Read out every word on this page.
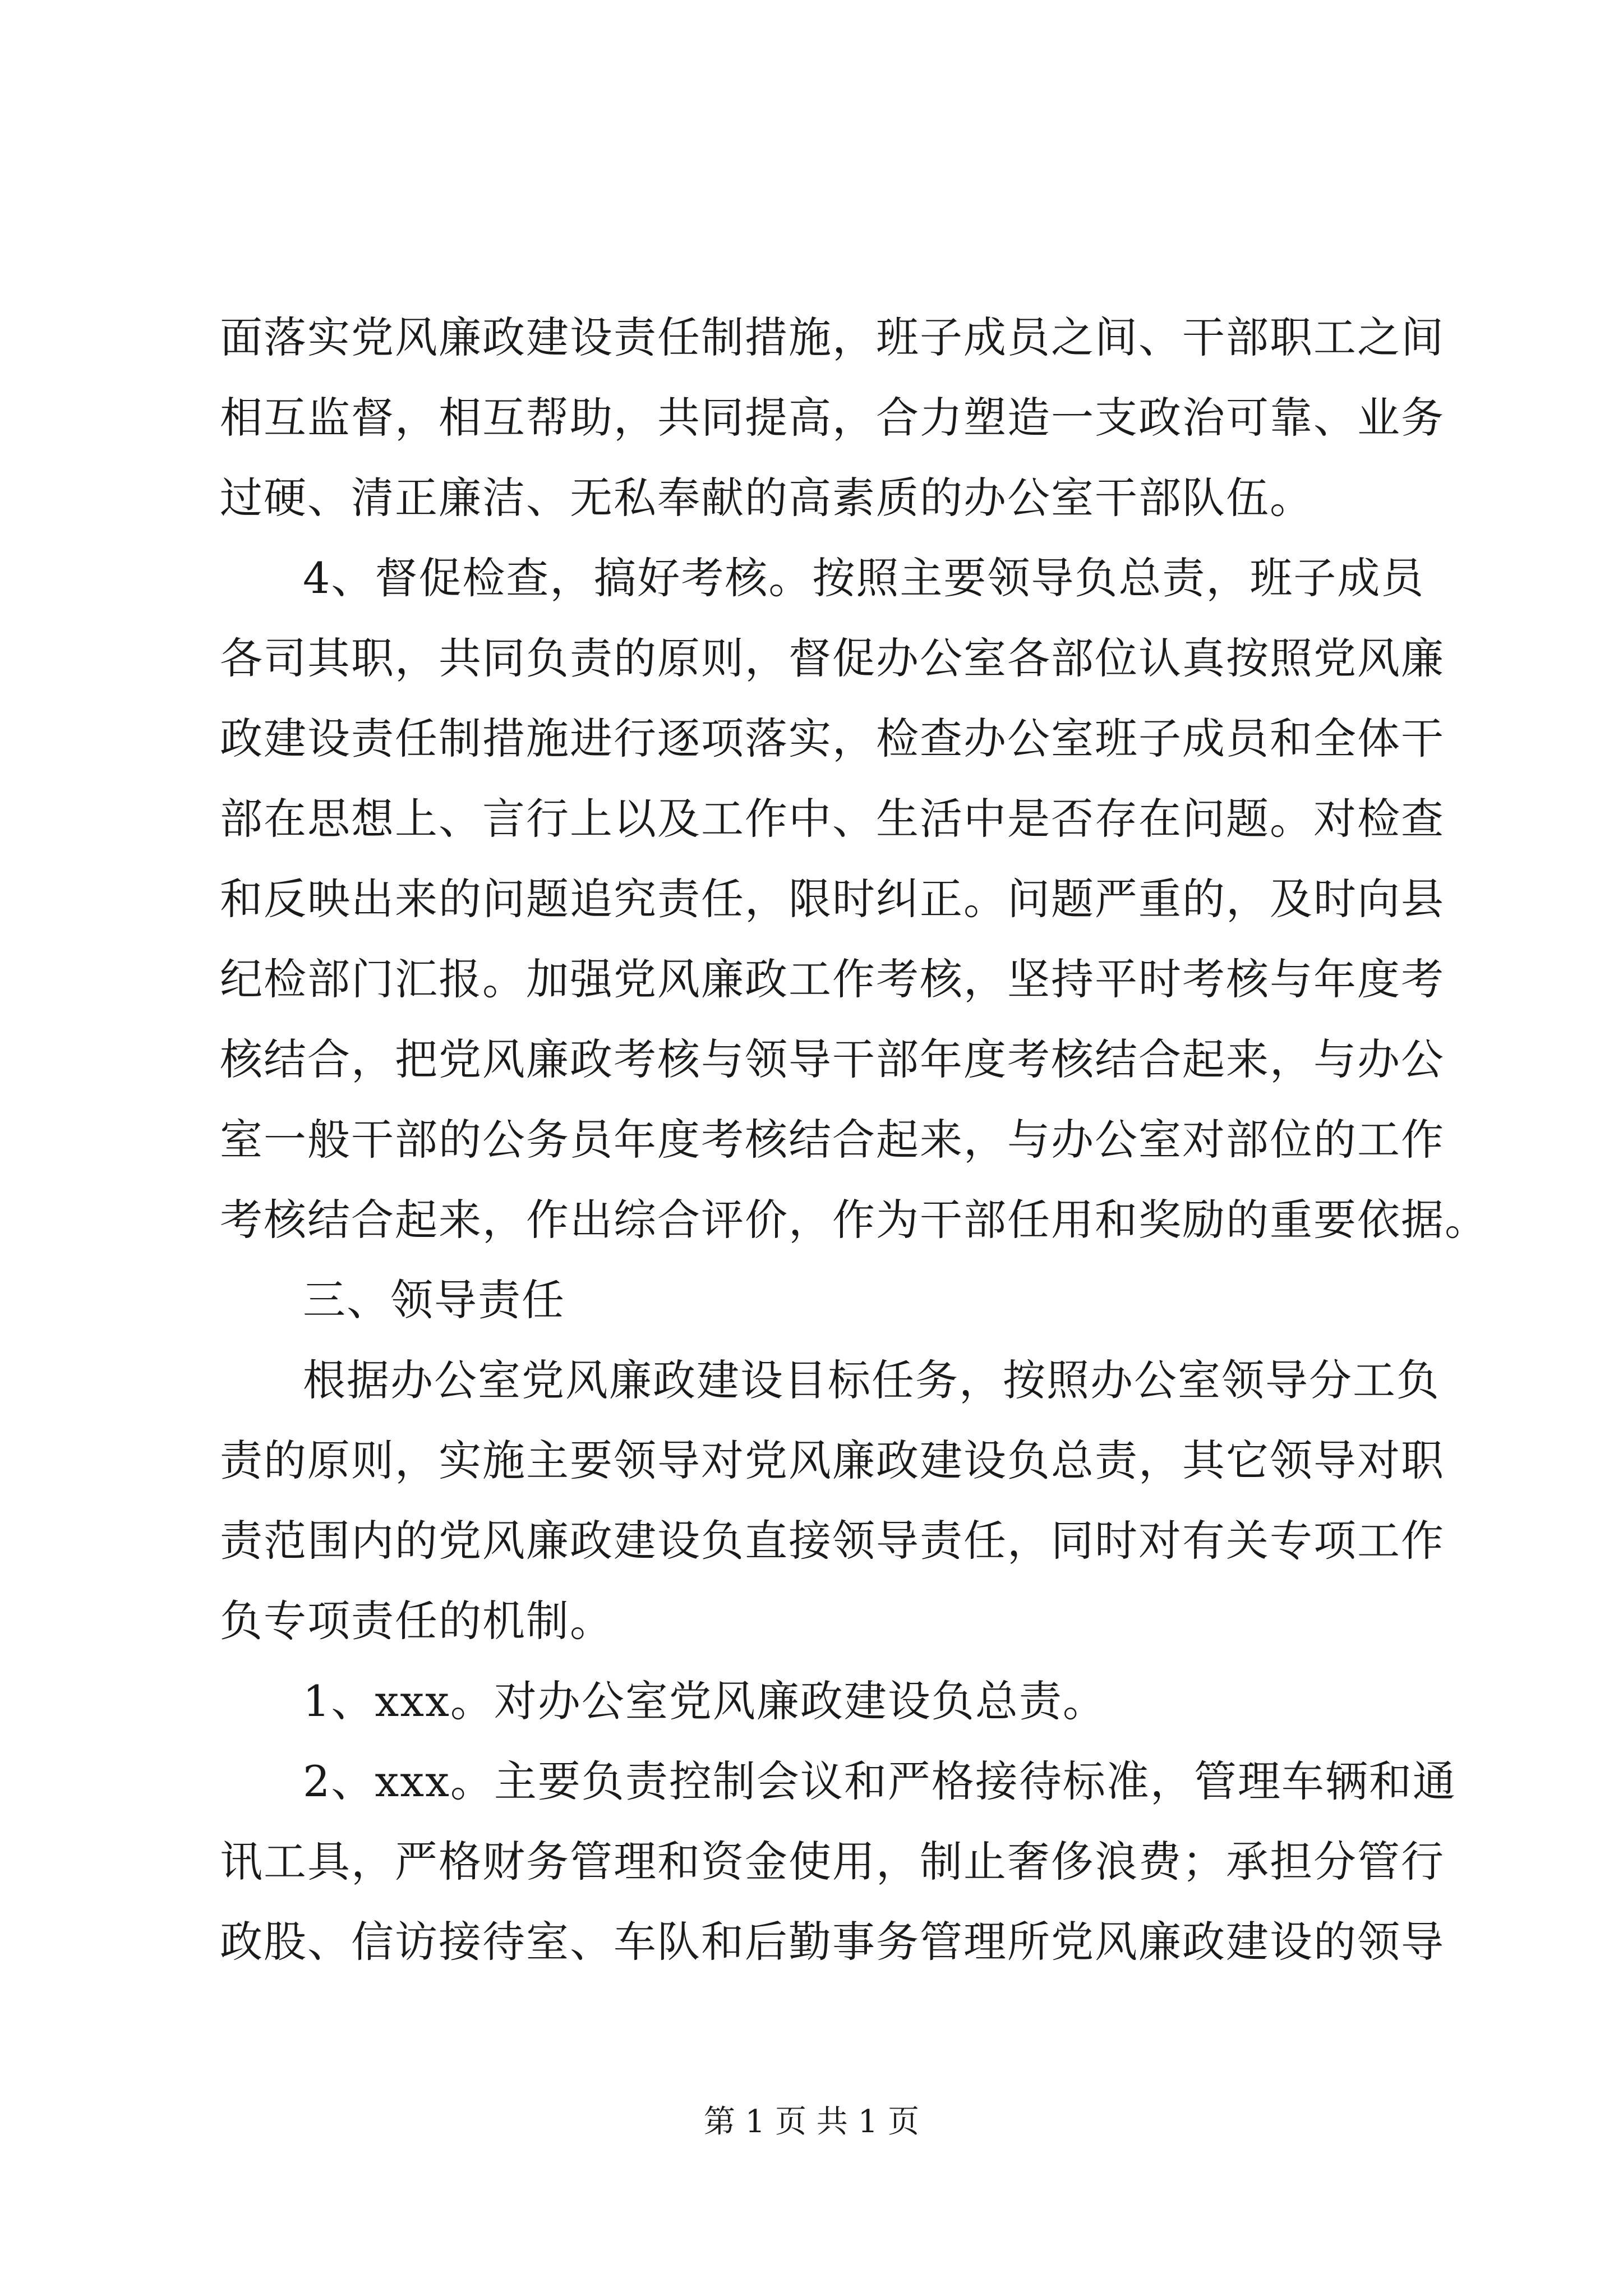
面落实党风廉政建设责任制措施，班子成员之间、干部职工之间
相互监督，相互帮助，共同提高，合力塑造一支政治可靠、业务
过硬、清正廉洁、无私奉献的高素质的办公室干部队伍。
4、督促检查，搞好考核。按照主要领导负总责，班子成员
各司其职，共同负责的原则，督促办公室各部位认真按照党风廉
政建设责任制措施进行逐项落实，检查办公室班子成员和全体干
部在思想上、言行上以及工作中、生活中是否存在问题。对检查
和反映出来的问题追究责任，限时纠正。问题严重的，及时向县
纪检部门汇报。加强党风廉政工作考核，坚持平时考核与年度考
核结合，把党风廉政考核与领导干部年度考核结合起来，与办公
室一般干部的公务员年度考核结合起来，与办公室对部位的工作
考核结合起来，作出综合评价，作为干部任用和奖励的重要依据。
三、领导责任
根据办公室党风廉政建设目标任务，按照办公室领导分工负
责的原则，实施主要领导对党风廉政建设负总责，其它领导对职
责范围内的党风廉政建设负直接领导责任，同时对有关专项工作
负专项责任的机制。
1、xxx。对办公室党风廉政建设负总责。
2、xxx。主要负责控制会议和严格接待标准，管理车辆和通
讯工具，严格财务管理和资金使用，制止奢侈浪费；承担分管行
政股、信访接待室、车队和后勤事务管理所党风廉政建设的领导
第 1 页 共 1 页
